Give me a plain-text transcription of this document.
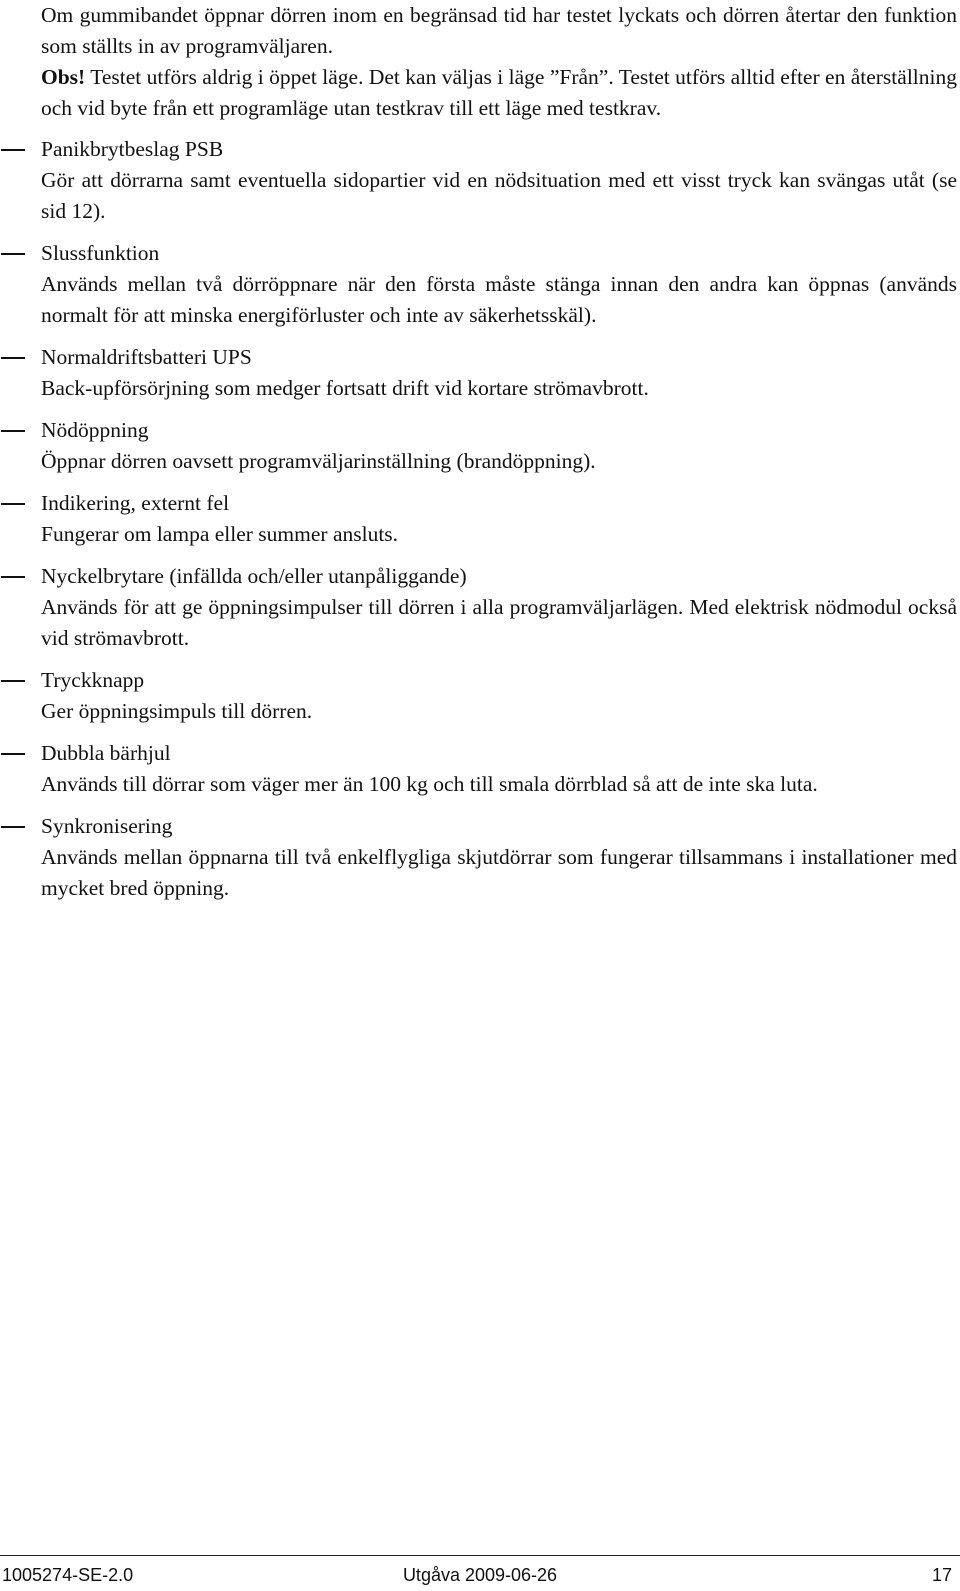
Om gummibandet öppnar dörren inom en begränsad tid har testet lyckats och dörren återtar den funktion som ställts in av programväljaren.
Obs! Testet utförs aldrig i öppet läge. Det kan väljas i läge ”Från”. Testet utförs alltid efter en återställning och vid byte från ett programläge utan testkrav till ett läge med testkrav.

Panikbrytbeslag PSB
Gör att dörrarna samt eventuella sidopartier vid en nödsituation med ett visst tryck kan svängas utåt (se sid 12).
Slussfunktion
Används mellan två dörröppnare när den första måste stänga innan den andra kan öppnas (används normalt för att minska energiförluster och inte av säkerhetsskäl).
Normaldriftsbatteri UPS
Back-upförsörjning som medger fortsatt drift vid kortare strömavbrott.
Nödöppning
Öppnar dörren oavsett programväljarinställning (brandöppning).
Indikering, externt fel
Fungerar om lampa eller summer ansluts.
Nyckelbrytare (infällda och/eller utanpåliggande)
Används för att ge öppningsimpulser till dörren i alla programväljarlägen. Med elektrisk nödmodul också vid strömavbrott.
Tryckknapp
Ger öppningsimpuls till dörren.
Dubbla bärhjul
Används till dörrar som väger mer än 100 kg och till smala dörrblad så att de inte ska luta.
Synkronisering
Används mellan öppnarna till två enkelflygliga skjutdörrar som fungerar tillsammans i installationer med mycket bred öppning.
1005274-SE-2.0	Utgåva 2009-06-26	17
